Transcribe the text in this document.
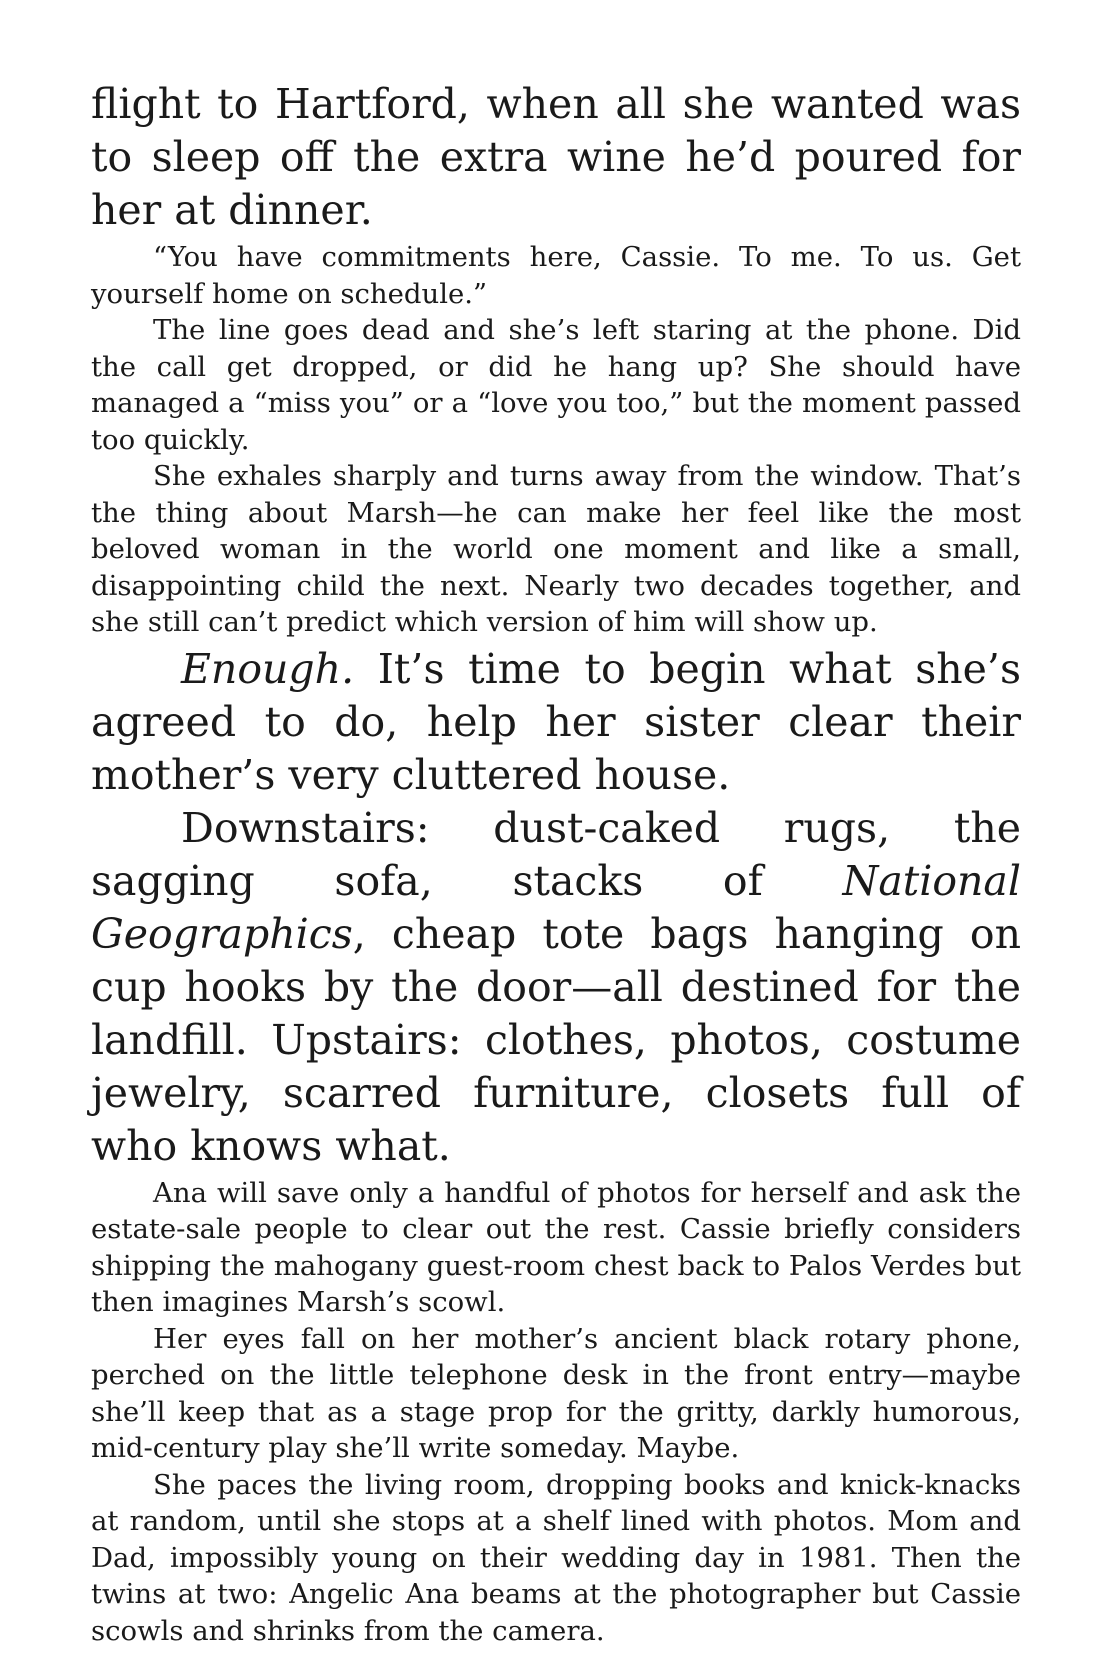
flight to Hartford, when all she wanted was to sleep off the extra wine he’d poured for her at dinner.

“You have commitments here, Cassie. To me. To us. Get yourself home on schedule.”

The line goes dead and she’s left staring at the phone. Did the call get dropped, or did he hang up? She should have managed a “miss you” or a “love you too,” but the moment passed too quickly.

She exhales sharply and turns away from the window. That’s the thing about Marsh—he can make her feel like the most beloved woman in the world one moment and like a small, disappointing child the next. Nearly two decades together, and she still can’t predict which version of him will show up.

Enough. It’s time to begin what she’s agreed to do, help her sister clear their mother’s very cluttered house.

Downstairs: dust-caked rugs, the sagging sofa, stacks of National Geographics, cheap tote bags hanging on cup hooks by the door—all destined for the landfill. Upstairs: clothes, photos, costume jewelry, scarred furniture, closets full of who knows what.

Ana will save only a handful of photos for herself and ask the estate-sale people to clear out the rest. Cassie briefly considers shipping the mahogany guest-room chest back to Palos Verdes but then imagines Marsh’s scowl.

Her eyes fall on her mother’s ancient black rotary phone, perched on the little telephone desk in the front entry—maybe she’ll keep that as a stage prop for the gritty, darkly humorous, mid-century play she’ll write someday. Maybe.

She paces the living room, dropping books and knick-knacks at random, until she stops at a shelf lined with photos. Mom and Dad, impossibly young on their wedding day in 1981. Then the twins at two: Angelic Ana beams at the photographer but Cassie scowls and shrinks from the camera.
